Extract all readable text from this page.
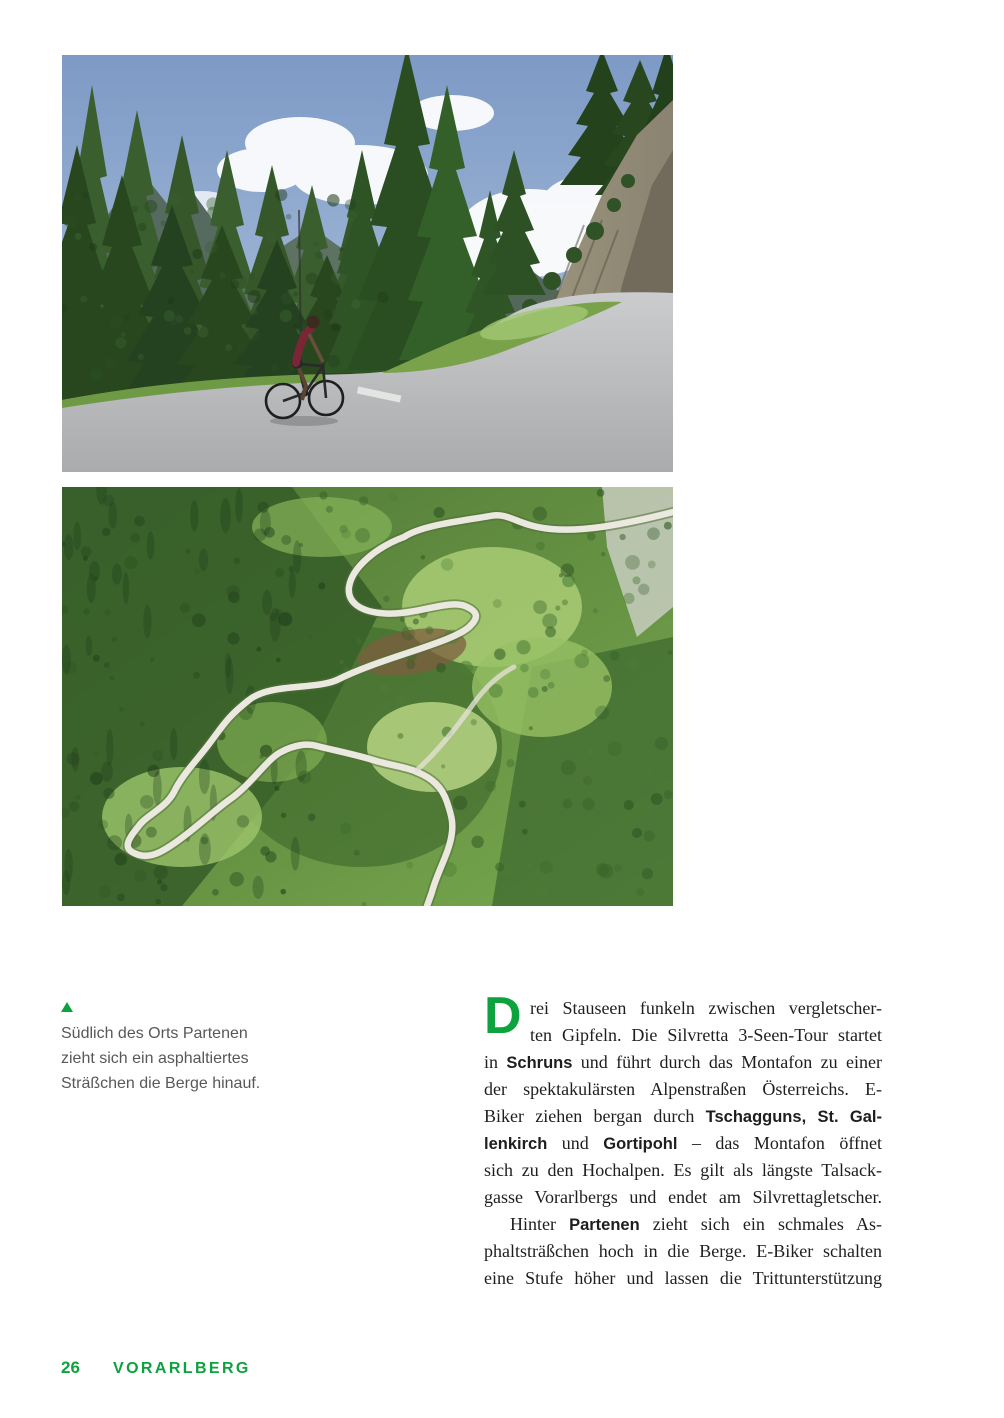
Südlich des Orts Partenen
zieht sich ein asphaltiertes
Sträßchen die Berge hinauf.
D rei Stauseen funkeln zwischen vergletscher-
ten Gipfeln. Die Silvretta 3-Seen-Tour startet
in Schruns und führt durch das Montafon zu einer
der spektakulärsten Alpenstraßen Österreichs. E-
Biker ziehen bergan durch Tschagguns, St. Gal-
lenkirch und Gortipohl – das Montafon öffnet
sich zu den Hochalpen. Es gilt als längste Talsack-
gasse Vorarlbergs und endet am Silvrettagletscher.
Hinter Partenen zieht sich ein schmales As-
phaltsträßchen hoch in die Berge. E-Biker schalten
eine Stufe höher und lassen die Trittunterstützung
26 VORARLBERG
